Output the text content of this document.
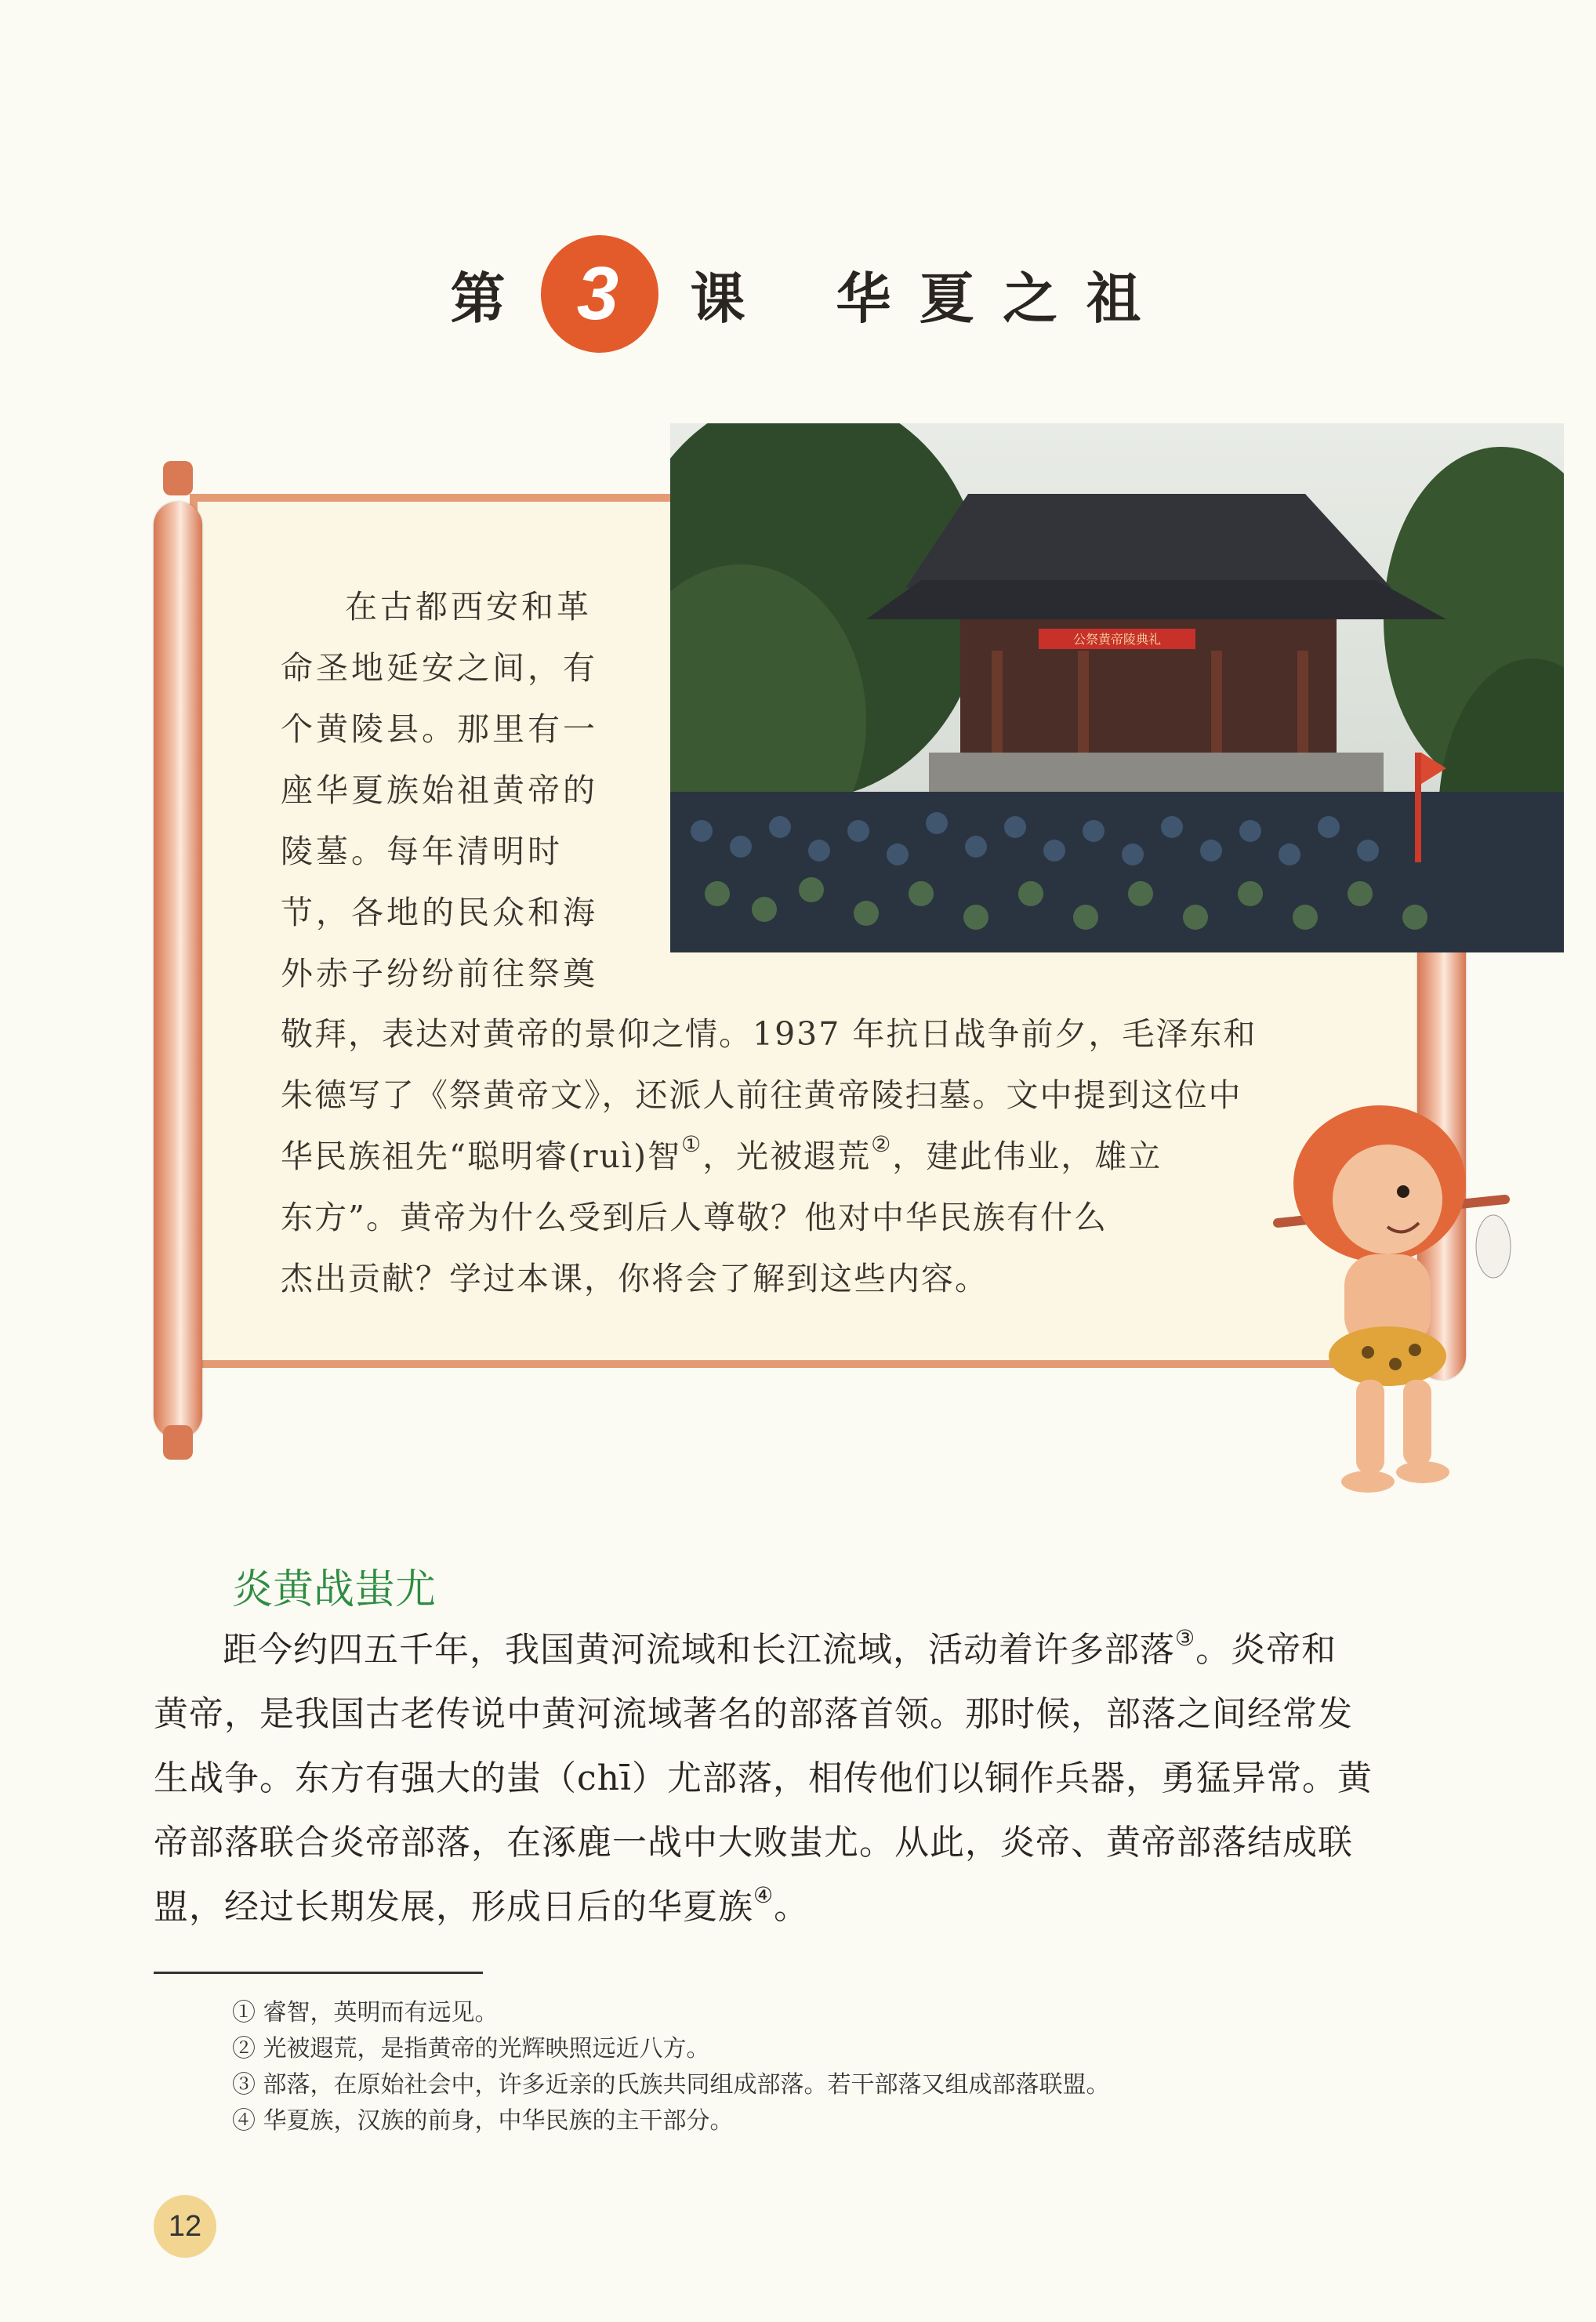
第 3	课 华 夏 之 祖
公祭黄帝陵典礼
在古都西安和革
命圣地延安之间，有
个黄陵县。那里有一
座华夏族始祖黄帝的
陵墓。每年清明时
节，各地的民众和海
外赤子纷纷前往祭奠
敬拜，表达对黄帝的景仰之情。1937 年抗日战争前夕，毛泽东和
朱德写了《祭黄帝文》，还派人前往黄帝陵扫墓。文中提到这位中
华民族祖先“聪明睿(ruì)智①，光被遐荒②，建此伟业，雄立
东方”。黄帝为什么受到后人尊敬？他对中华民族有什么
杰出贡献？学过本课，你将会了解到这些内容。
炎黄战蚩尤
距今约四五千年，我国黄河流域和长江流域，活动着许多部落③。炎帝和
黄帝，是我国古老传说中黄河流域著名的部落首领。那时候，部落之间经常发
生战争。东方有强大的蚩（chī）尤部落，相传他们以铜作兵器，勇猛异常。黄
帝部落联合炎帝部落，在涿鹿一战中大败蚩尤。从此，炎帝、黄帝部落结成联
盟，经过长期发展，形成日后的华夏族④。
① 睿智，英明而有远见。
② 光被遐荒，是指黄帝的光辉映照远近八方。
③ 部落，在原始社会中，许多近亲的氏族共同组成部落。若干部落又组成部落联盟。
④ 华夏族，汉族的前身，中华民族的主干部分。
12
